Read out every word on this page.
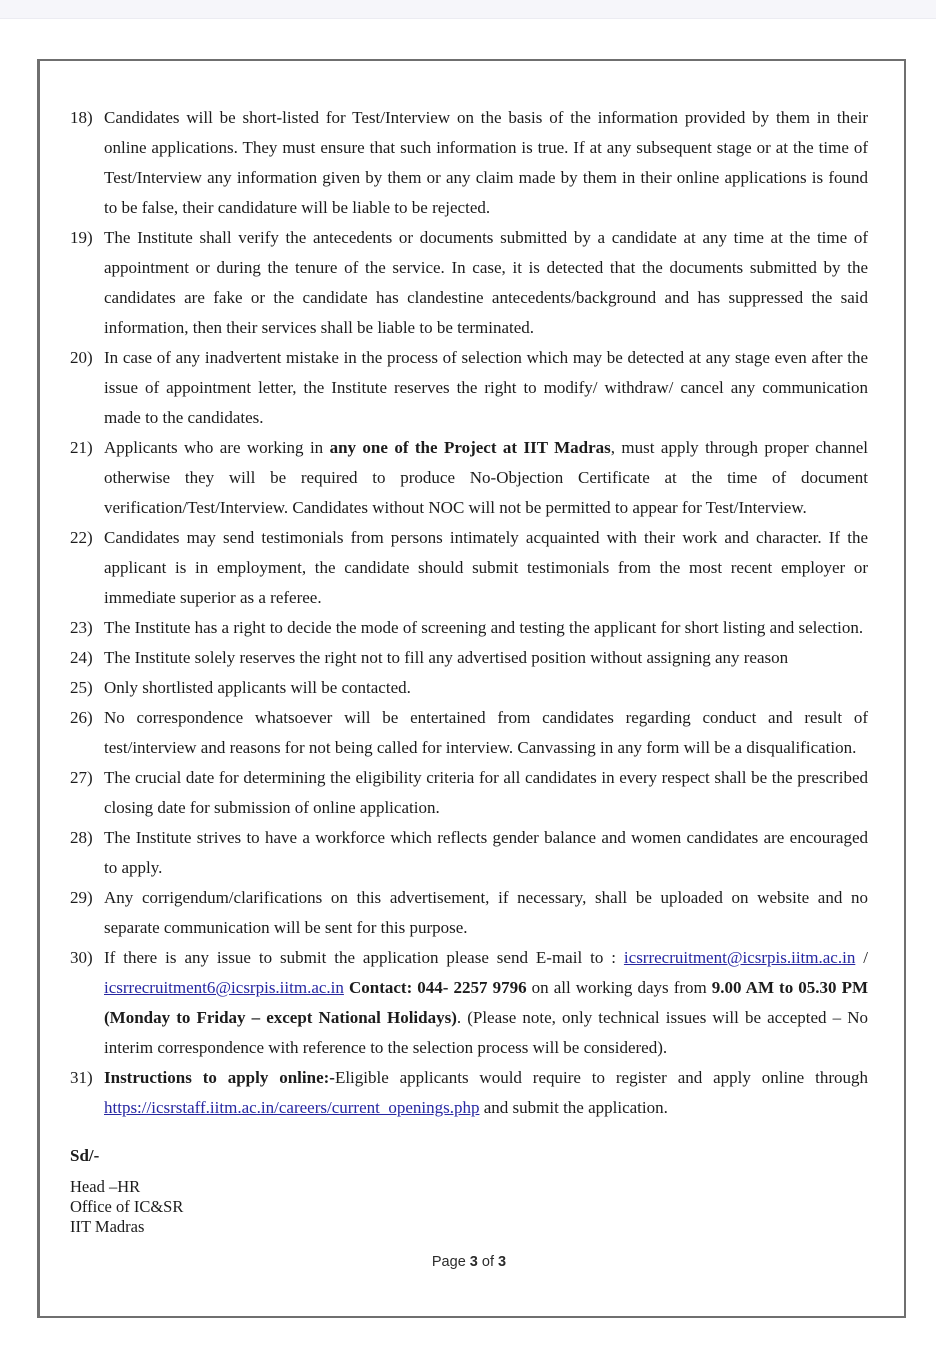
18) Candidates will be short-listed for Test/Interview on the basis of the information provided by them in their online applications. They must ensure that such information is true. If at any subsequent stage or at the time of Test/Interview any information given by them or any claim made by them in their online applications is found to be false, their candidature will be liable to be rejected.
19) The Institute shall verify the antecedents or documents submitted by a candidate at any time at the time of appointment or during the tenure of the service. In case, it is detected that the documents submitted by the candidates are fake or the candidate has clandestine antecedents/background and has suppressed the said information, then their services shall be liable to be terminated.
20) In case of any inadvertent mistake in the process of selection which may be detected at any stage even after the issue of appointment letter, the Institute reserves the right to modify/ withdraw/ cancel any communication made to the candidates.
21) Applicants who are working in any one of the Project at IIT Madras, must apply through proper channel otherwise they will be required to produce No-Objection Certificate at the time of document verification/Test/Interview. Candidates without NOC will not be permitted to appear for Test/Interview.
22) Candidates may send testimonials from persons intimately acquainted with their work and character. If the applicant is in employment, the candidate should submit testimonials from the most recent employer or immediate superior as a referee.
23) The Institute has a right to decide the mode of screening and testing the applicant for short listing and selection.
24) The Institute solely reserves the right not to fill any advertised position without assigning any reason
25) Only shortlisted applicants will be contacted.
26) No correspondence whatsoever will be entertained from candidates regarding conduct and result of test/interview and reasons for not being called for interview. Canvassing in any form will be a disqualification.
27) The crucial date for determining the eligibility criteria for all candidates in every respect shall be the prescribed closing date for submission of online application.
28) The Institute strives to have a workforce which reflects gender balance and women candidates are encouraged to apply.
29) Any corrigendum/clarifications on this advertisement, if necessary, shall be uploaded on website and no separate communication will be sent for this purpose.
30) If there is any issue to submit the application please send E-mail to : icsrrecruitment@icsrpis.iitm.ac.in / icsrrecruitment6@icsrpis.iitm.ac.in Contact: 044- 2257 9796 on all working days from 9.00 AM to 05.30 PM (Monday to Friday – except National Holidays). (Please note, only technical issues will be accepted – No interim correspondence with reference to the selection process will be considered).
31) Instructions to apply online:-Eligible applicants would require to register and apply online through https://icsrstaff.iitm.ac.in/careers/current_openings.php and submit the application.
Sd/-
Head –HR
Office of IC&SR
IIT Madras
Page 3 of 3
